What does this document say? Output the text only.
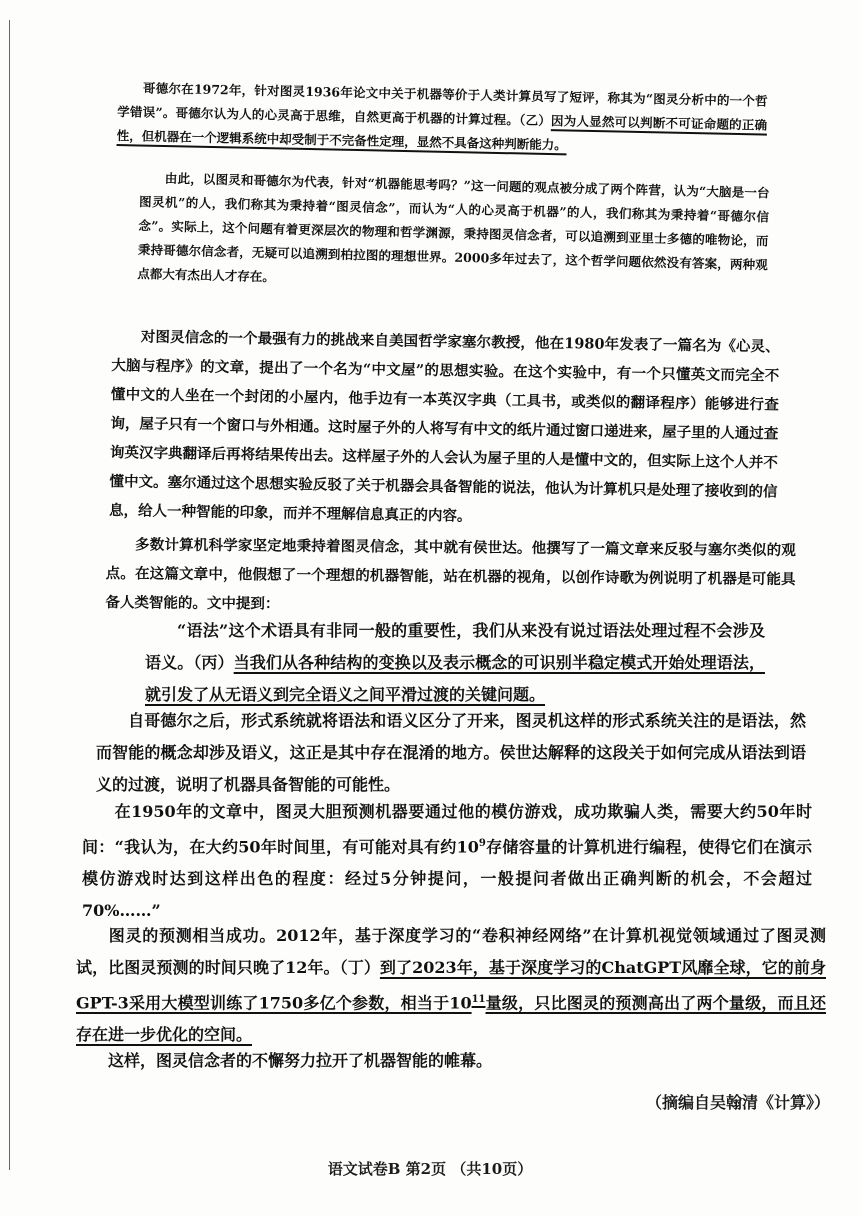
哥德尔在1972年，针对图灵1936年论文中关于机器等价于人类计算员写了短评，称其为“图灵分析中的一个哲学错误”。哥德尔认为人的心灵高于思维，自然更高于机器的计算过程。（乙）因为人显然可以判断不可证命题的正确性，但机器在一个逻辑系统中却受制于不完备性定理，显然不具备这种判断能力。

由此，以图灵和哥德尔为代表，针对“机器能思考吗？”这一问题的观点被分成了两个阵营，认为“大脑是一台图灵机”的人，我们称其为秉持着“图灵信念”，而认为“人的心灵高于机器”的人，我们称其为秉持着“哥德尔信念”。实际上，这个问题有着更深层次的物理和哲学渊源，秉持图灵信念者，可以追溯到亚里士多德的唯物论，而秉持哥德尔信念者，无疑可以追溯到柏拉图的理想世界。2000多年过去了，这个哲学问题依然没有答案，两种观点都大有杰出人才存在。

对图灵信念的一个最强有力的挑战来自美国哲学家塞尔教授，他在1980年发表了一篇名为《心灵、大脑与程序》的文章，提出了一个名为“中文屋”的思想实验。在这个实验中，有一个只懂英文而完全不懂中文的人坐在一个封闭的小屋内，他手边有一本英汉字典（工具书，或类似的翻译程序）能够进行查询，屋子只有一个窗口与外相通。这时屋子外的人将写有中文的纸片通过窗口递进来，屋子里的人通过查询英汉字典翻译后再将结果传出去。这样屋子外的人会认为屋子里的人是懂中文的，但实际上这个人并不懂中文。塞尔通过这个思想实验反驳了关于机器会具备智能的说法，他认为计算机只是处理了接收到的信息，给人一种智能的印象，而并不理解信息真正的内容。

多数计算机科学家坚定地秉持着图灵信念，其中就有侯世达。他撰写了一篇文章来反驳与塞尔类似的观点。在这篇文章中，他假想了一个理想的机器智能，站在机器的视角，以创作诗歌为例说明了机器是可能具备人类智能的。文中提到：

“语法”这个术语具有非同一般的重要性，我们从来没有说过语法处理过程不会涉及语义。（丙）当我们从各种结构的变换以及表示概念的可识别半稳定模式开始处理语法，就引发了从无语义到完全语义之间平滑过渡的关键问题。

自哥德尔之后，形式系统就将语法和语义区分了开来，图灵机这样的形式系统关注的是语法，然而智能的概念却涉及语义，这正是其中存在混淆的地方。侯世达解释的这段关于如何完成从语法到语义的过渡，说明了机器具备智能的可能性。

在1950年的文章中，图灵大胆预测机器要通过他的模仿游戏，成功欺骗人类，需要大约50年时间：“我认为，在大约50年时间里，有可能对具有约$10^9$存储容量的计算机进行编程，使得它们在演示模仿游戏时达到这样出色的程度：经过5分钟提问，一般提问者做出正确判断的机会，不会超过70%……”

图灵的预测相当成功。2012年，基于深度学习的“卷积神经网络”在计算机视觉领域通过了图灵测试，比图灵预测的时间只晚了12年。（丁）到了2023年，基于深度学习的ChatGPT风靡全球，它的前身GPT-3采用大模型训练了1750多亿个参数，相当于$10^{11}$量级，只比图灵的预测高出了两个量级，而且还存在进一步优化的空间。

这样，图灵信念者的不懈努力拉开了机器智能的帷幕。

（摘编自吴翰清《计算》）
语文试卷B 第2页 （共10页）
